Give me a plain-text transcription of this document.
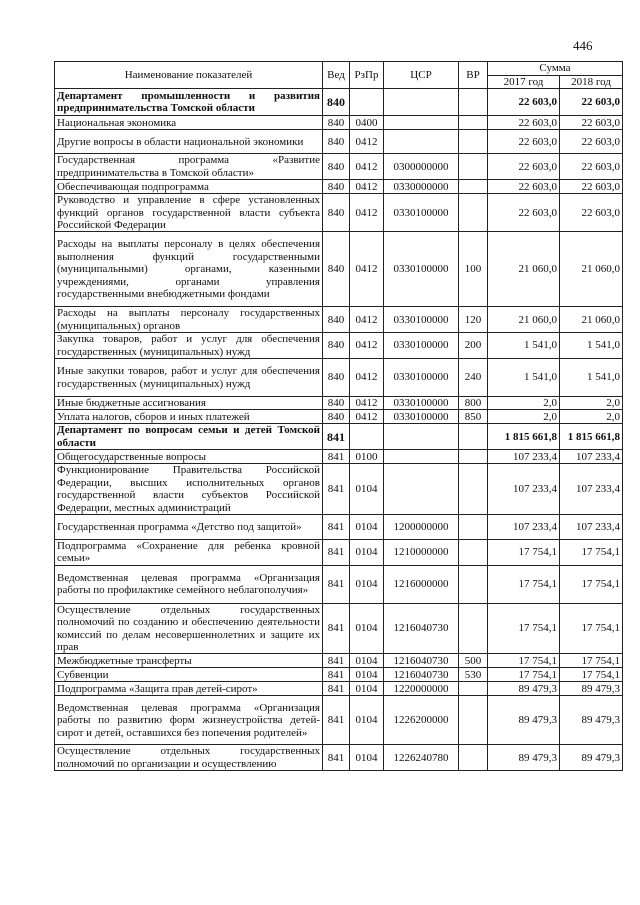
446
Наименование показателей	Вед	РзПр	ЦСР	ВР	Сумма	
					2017 год	2018 год
Департамент промышленности и развития предпринимательства Томской области	840				22 603,0	22 603,0
Национальная экономика	840	0400			22 603,0	22 603,0
Другие вопросы в области национальной экономики	840	0412			22 603,0	22 603,0
Государственная программа «Развитие предпринимательства в Томской области»	840	0412	0300000000		22 603,0	22 603,0
Обеспечивающая подпрограмма	840	0412	0330000000		22 603,0	22 603,0
Руководство и управление в сфере установленных функций органов государственной власти субъекта Российской Федерации	840	0412	0330100000		22 603,0	22 603,0
Расходы на выплаты персоналу в целях обеспечения выполнения функций государственными (муниципальными) органами, казенными учреждениями, органами управления государственными внебюджетными фондами	840	0412	0330100000	100	21 060,0	21 060,0
Расходы на выплаты персоналу государственных (муниципальных) органов	840	0412	0330100000	120	21 060,0	21 060,0
Закупка товаров, работ и услуг для обеспечения государственных (муниципальных) нужд	840	0412	0330100000	200	1 541,0	1 541,0
Иные закупки товаров, работ и услуг для обеспечения государственных (муниципальных) нужд	840	0412	0330100000	240	1 541,0	1 541,0
Иные бюджетные ассигнования	840	0412	0330100000	800	2,0	2,0
Уплата налогов, сборов и иных платежей	840	0412	0330100000	850	2,0	2,0
Департамент по вопросам семьи и детей Томской области	841				1 815 661,8	1 815 661,8
Общегосударственные вопросы	841	0100			107 233,4	107 233,4
Функционирование Правительства Российской Федерации, высших исполнительных органов государственной власти субъектов Российской Федерации, местных администраций	841	0104			107 233,4	107 233,4
Государственная программа «Детство под защитой»	841	0104	1200000000		107 233,4	107 233,4
Подпрограмма «Сохранение для ребенка кровной семьи»	841	0104	1210000000		17 754,1	17 754,1
Ведомственная целевая программа «Организация работы по профилактике семейного неблагополучия»	841	0104	1216000000		17 754,1	17 754,1
Осуществление отдельных государственных полномочий по созданию и обеспечению деятельности комиссий по делам несовершеннолетних и защите их прав	841	0104	1216040730		17 754,1	17 754,1
Межбюджетные трансферты	841	0104	1216040730	500	17 754,1	17 754,1
Субвенции	841	0104	1216040730	530	17 754,1	17 754,1
Подпрограмма «Защита прав детей-сирот»	841	0104	1220000000		89 479,3	89 479,3
Ведомственная целевая программа «Организация работы по развитию форм жизнеустройства детей-сирот и детей, оставшихся без попечения родителей»	841	0104	1226200000		89 479,3	89 479,3
Осуществление отдельных государственных полномочий по организации и осуществлению	841	0104	1226240780		89 479,3	89 479,3
